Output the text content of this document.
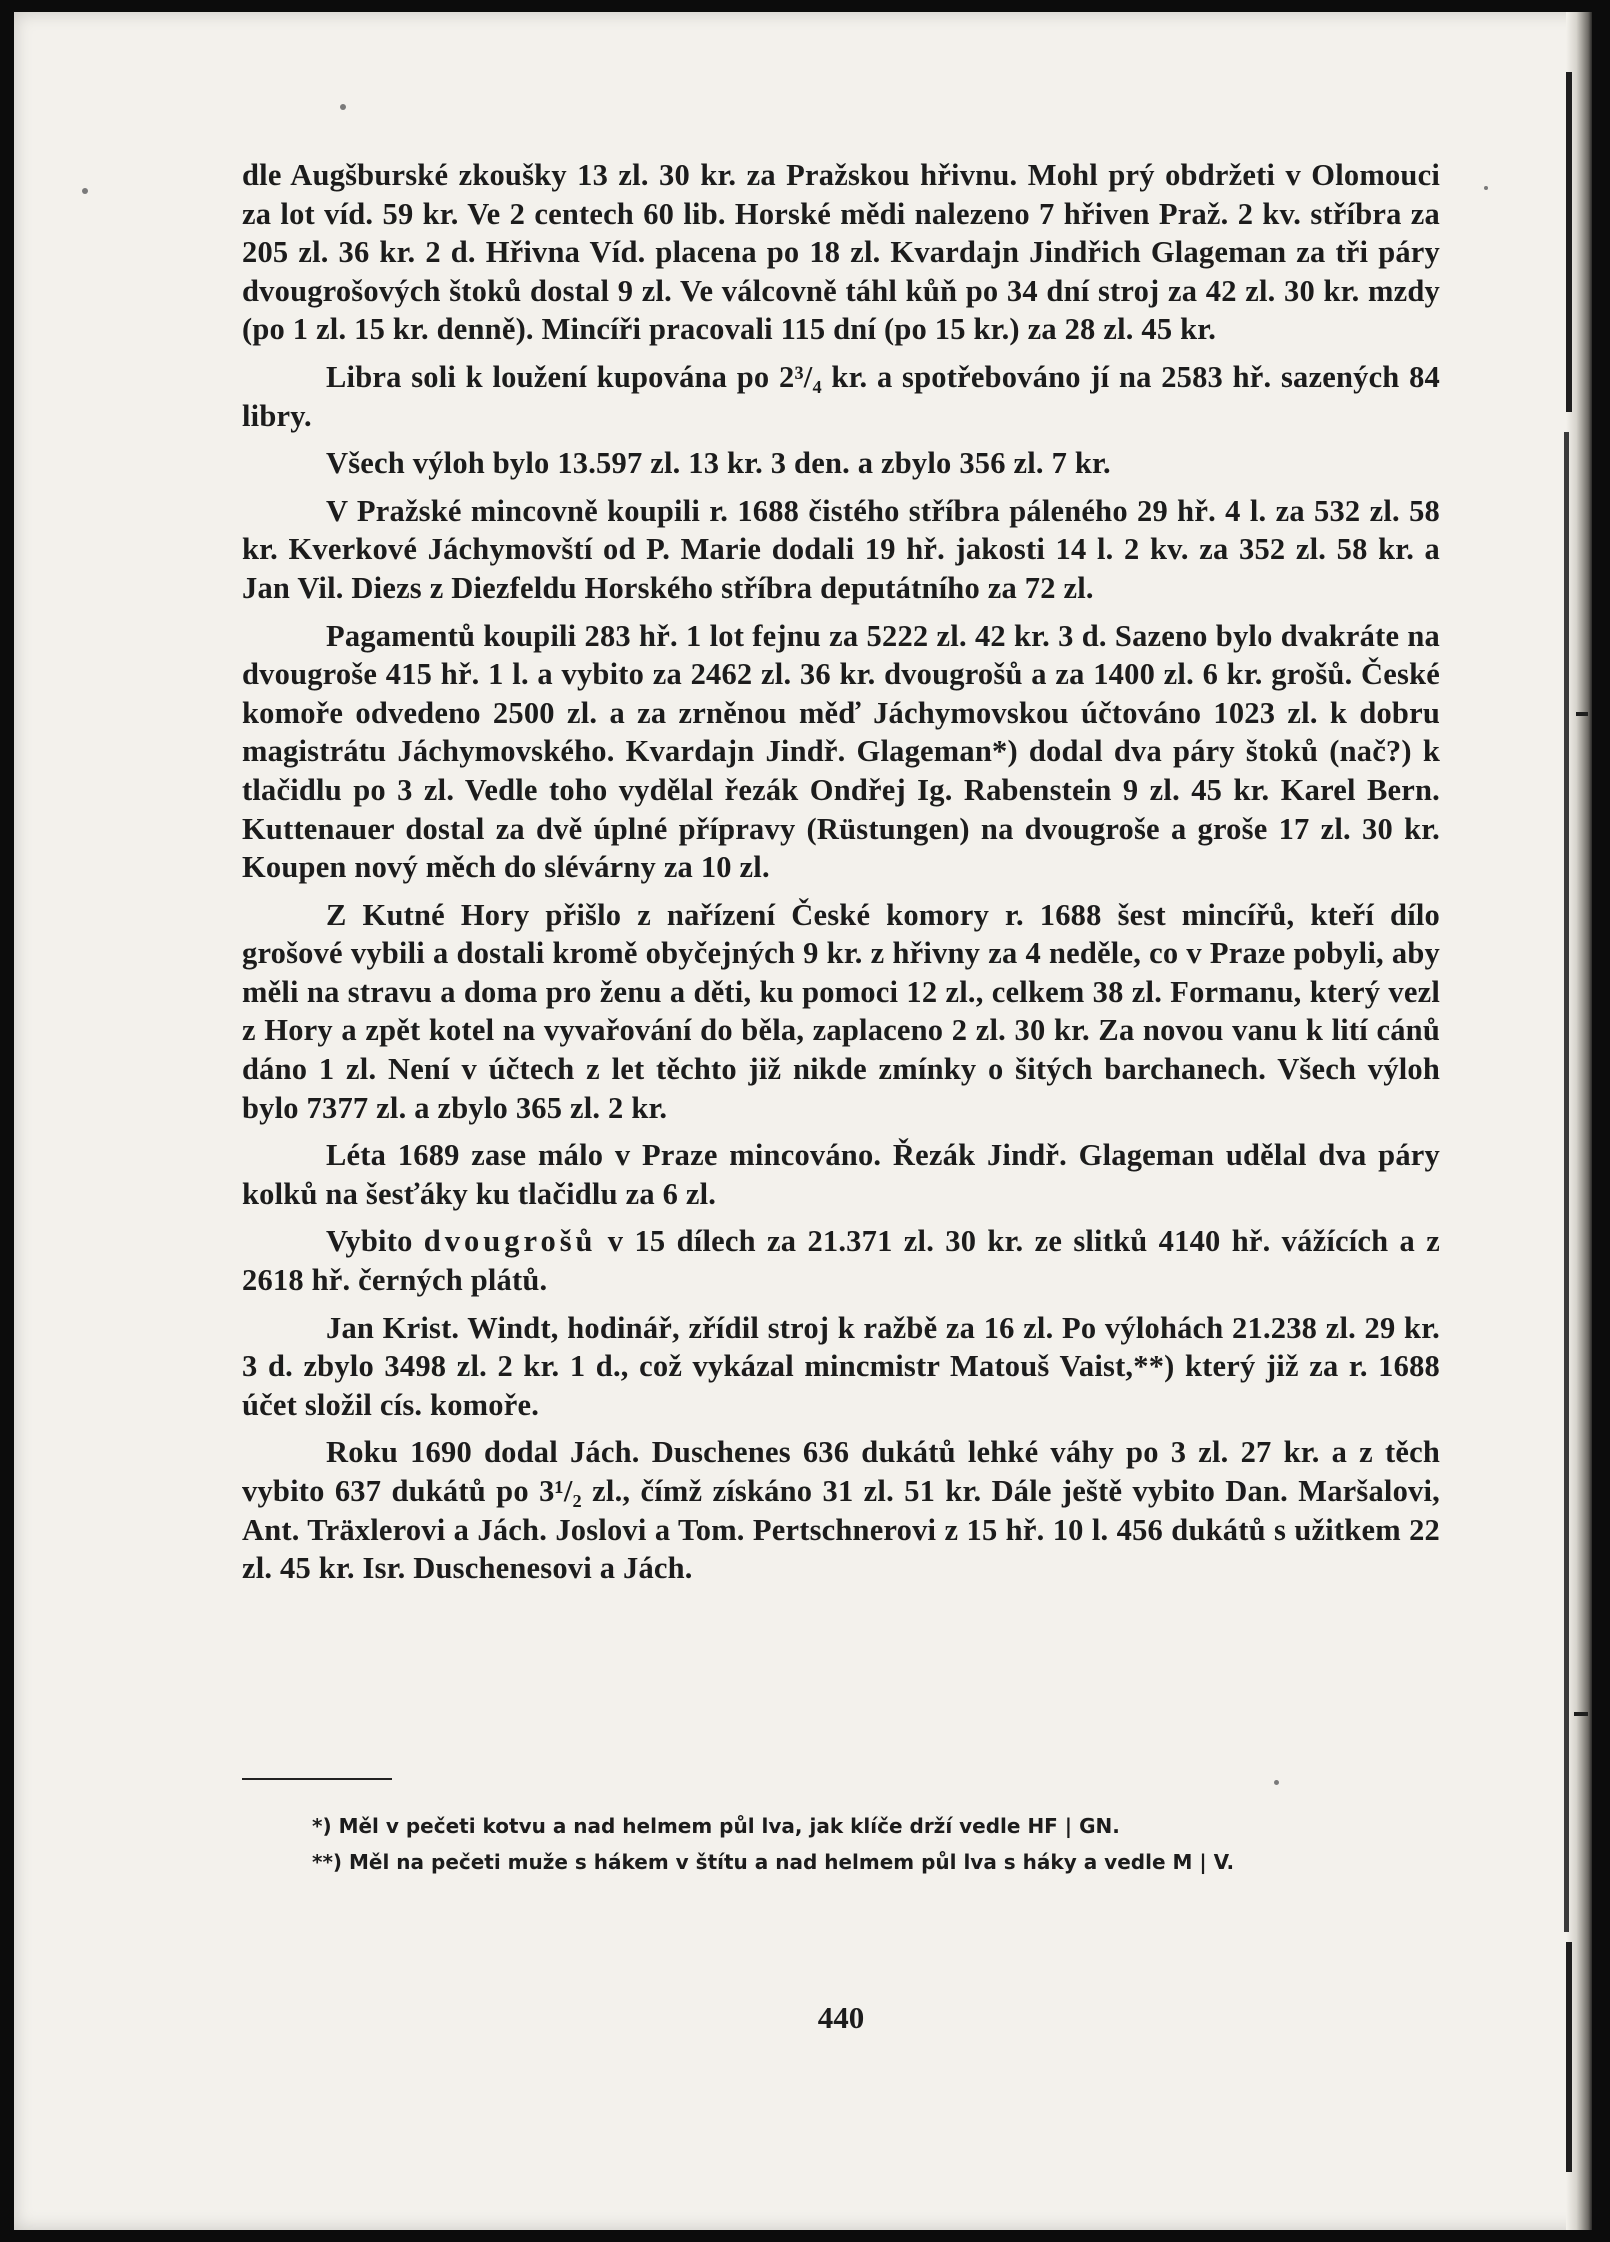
dle Augšburské zkoušky 13 zl. 30 kr. za Pražskou hřivnu. Mohl prý obdržeti v Olomouci za lot víd. 59 kr. Ve 2 centech 60 lib. Horské mědi nalezeno 7 hřiven Praž. 2 kv. stříbra za 205 zl. 36 kr. 2 d. Hřivna Víd. placena po 18 zl. Kvardajn Jindřich Glageman za tři páry dvougrošových štoků dostal 9 zl. Ve válcovně táhl kůň po 34 dní stroj za 42 zl. 30 kr. mzdy (po 1 zl. 15 kr. denně). Mincíři pracovali 115 dní (po 15 kr.) za 28 zl. 45 kr.

Libra soli k loužení kupována po 2³/₄ kr. a spotřebováno jí na 2583 hř. sazených 84 libry.

Všech výloh bylo 13.597 zl. 13 kr. 3 den. a zbylo 356 zl. 7 kr.

V Pražské mincovně koupili r. 1688 čistého stříbra páleného 29 hř. 4 l. za 532 zl. 58 kr. Kverkové Jáchymovští od P. Marie dodali 19 hř. jakosti 14 l. 2 kv. za 352 zl. 58 kr. a Jan Vil. Diezs z Diezfeldu Horského stříbra deputátního za 72 zl.

Pagamentů koupili 283 hř. 1 lot fejnu za 5222 zl. 42 kr. 3 d. Sazeno bylo dvakráte na dvougroše 415 hř. 1 l. a vybito za 2462 zl. 36 kr. dvougrošů a za 1400 zl. 6 kr. grošů. České komoře odvedeno 2500 zl. a za zrněnou měď Jáchymovskou účtováno 1023 zl. k dobru magistrátu Jáchymovského. Kvardajn Jindř. Glageman*) dodal dva páry štoků (nač?) k tlačidlu po 3 zl. Vedle toho vydělal řezák Ondřej Ig. Rabenstein 9 zl. 45 kr. Karel Bern. Kuttenauer dostal za dvě úplné přípravy (Rüstungen) na dvougroše a groše 17 zl. 30 kr. Koupen nový měch do slévárny za 10 zl.

Z Kutné Hory přišlo z nařízení České komory r. 1688 šest mincířů, kteří dílo grošové vybili a dostali kromě obyčejných 9 kr. z hřivny za 4 neděle, co v Praze pobyli, aby měli na stravu a doma pro ženu a děti, ku pomoci 12 zl., celkem 38 zl. Formanu, který vezl z Hory a zpět kotel na vyvařování do běla, zaplaceno 2 zl. 30 kr. Za novou vanu k lití cánů dáno 1 zl. Není v účtech z let těchto již nikde zmínky o šitých barchanech. Všech výloh bylo 7377 zl. a zbylo 365 zl. 2 kr.

Léta 1689 zase málo v Praze mincováno. Řezák Jindř. Glageman udělal dva páry kolků na šesťáky ku tlačidlu za 6 zl.

Vybito dvougrošů v 15 dílech za 21.371 zl. 30 kr. ze slitků 4140 hř. vážících a z 2618 hř. černých plátů.

Jan Krist. Windt, hodinář, zřídil stroj k ražbě za 16 zl. Po výlohách 21.238 zl. 29 kr. 3 d. zbylo 3498 zl. 2 kr. 1 d., což vykázal mincmistr Matouš Vaist,**) který již za r. 1688 účet složil cís. komoře.

Roku 1690 dodal Jách. Duschenes 636 dukátů lehké váhy po 3 zl. 27 kr. a z těch vybito 637 dukátů po 3¹/₂ zl., čímž získáno 31 zl. 51 kr. Dále ještě vybito Dan. Maršalovi, Ant. Träxlerovi a Jách. Joslovi a Tom. Pertschnerovi z 15 hř. 10 l. 456 dukátů s užitkem 22 zl. 45 kr. Isr. Duschenesovi a Jách.

*) Měl v pečeti kotvu a nad helmem půl lva, jak klíče drží vedle HF | GN.

**) Měl na pečeti muže s hákem v štítu a nad helmem půl lva s háky a vedle M | V.

440
